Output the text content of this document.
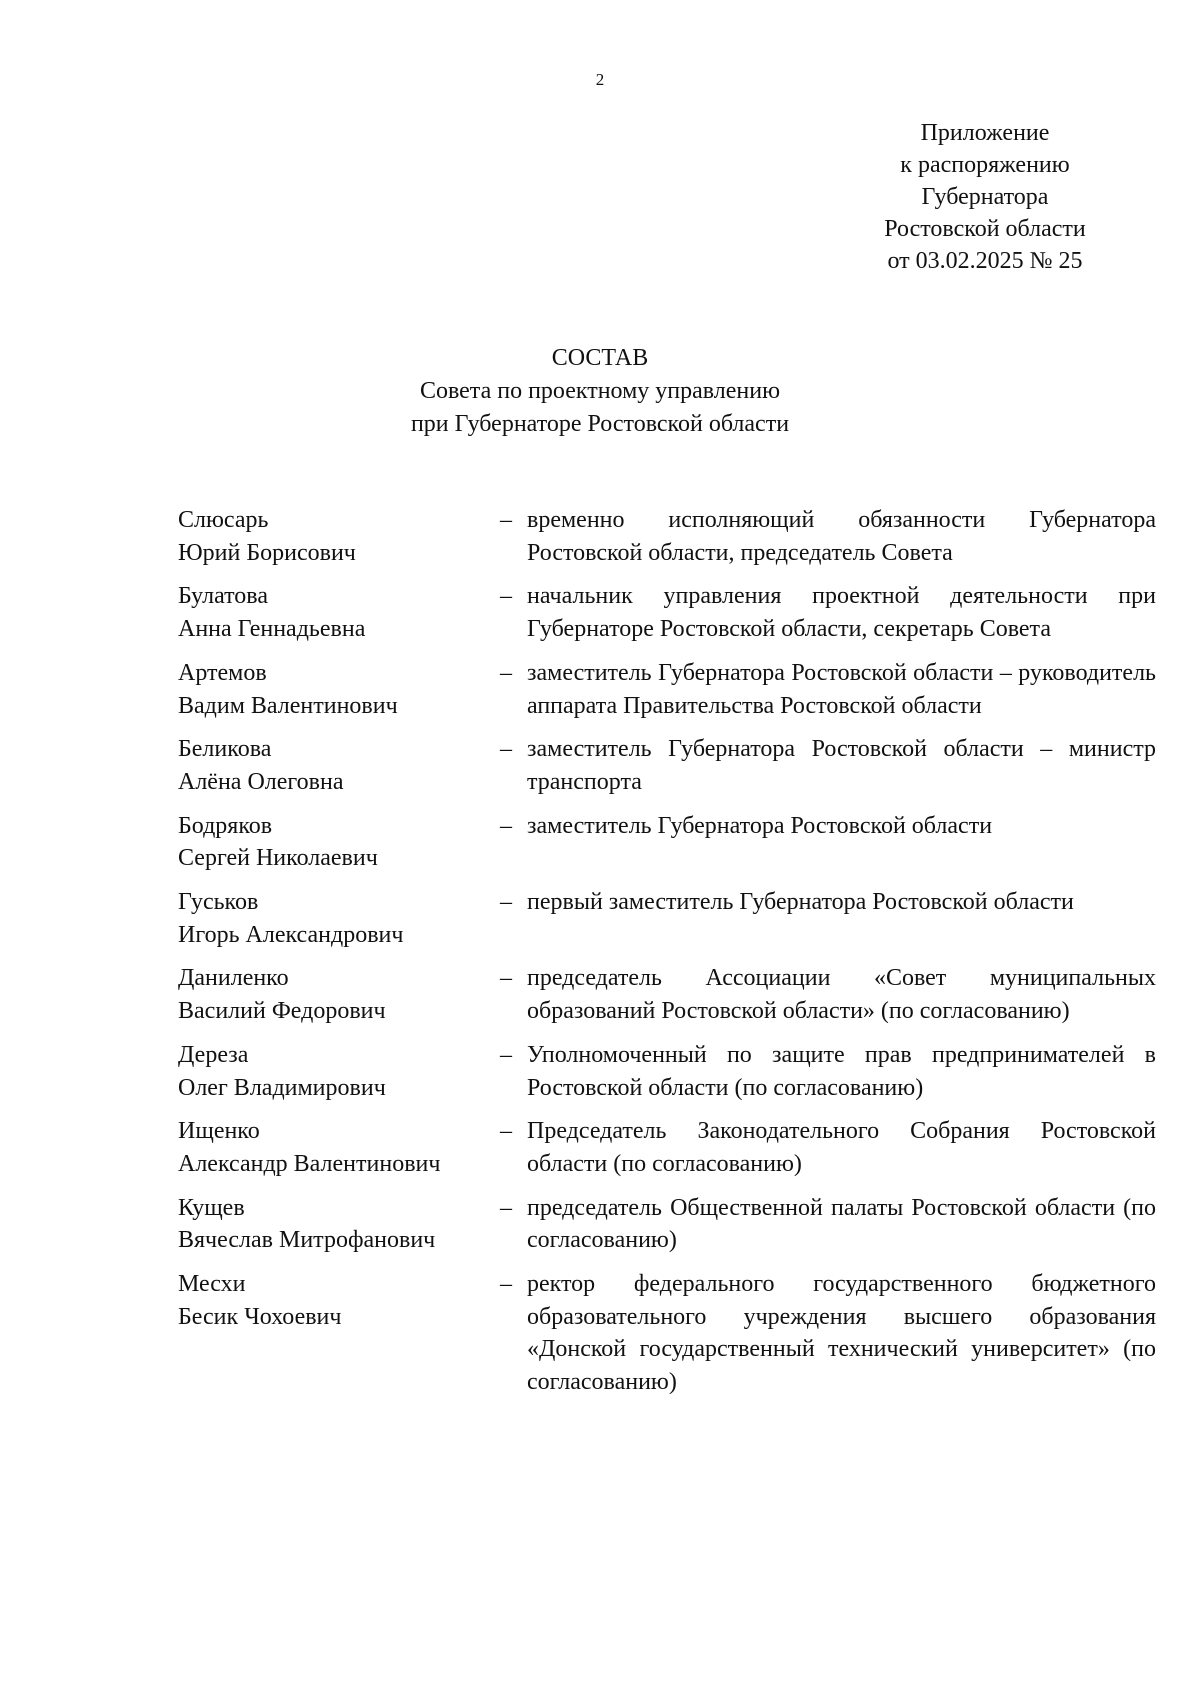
2
Приложение
к распоряжению
Губернатора
Ростовской области
от 03.02.2025 № 25
СОСТАВ
Совета по проектному управлению
при Губернаторе Ростовской области
Слюсарь
Юрий Борисович
– временно исполняющий обязанности Губернатора Ростовской области, председатель Совета
Булатова
Анна Геннадьевна
– начальник управления проектной деятельности при Губернаторе Ростовской области, секретарь Совета
Артемов
Вадим Валентинович
– заместитель Губернатора Ростовской области – руководитель аппарата Правительства Ростовской области
Беликова
Алёна Олеговна
– заместитель Губернатора Ростовской области – министр транспорта
Бодряков
Сергей Николаевич
– заместитель Губернатора Ростовской области
Гуськов
Игорь Александрович
– первый заместитель Губернатора Ростовской области
Даниленко
Василий Федорович
– председатель Ассоциации «Совет муниципальных образований Ростовской области» (по согласованию)
Дереза
Олег Владимирович
– Уполномоченный по защите прав предпринимателей в Ростовской области (по согласованию)
Ищенко
Александр Валентинович
– Председатель Законодательного Собрания Ростовской области (по согласованию)
Кущев
Вячеслав Митрофанович
– председатель Общественной палаты Ростовской области (по согласованию)
Месхи
Бесик Чохоевич
– ректор федерального государственного бюджетного образовательного учреждения высшего образования «Донской государственный технический университет» (по согласованию)
